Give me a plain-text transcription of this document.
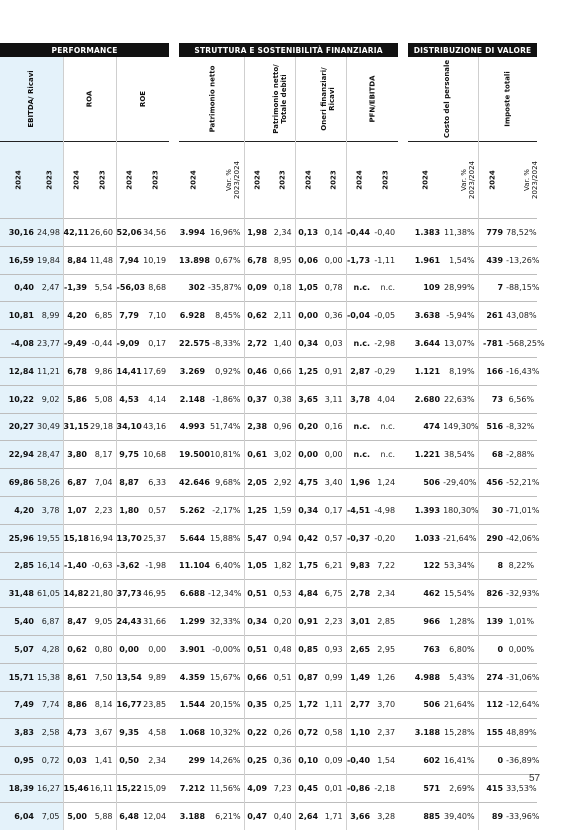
PERFORMANCE							STRUTTURA E SOSTENIBILITÀ FINANZIARIA									DISTRIBUZIONE DI VALORE			
EBITDA/ Ricavi		ROA		ROE			Patrimonio netto		Patrimonio netto/ Totale debiti		Oneri finanziari/ Ricavi		PFN/EBITDA			Costo del personale		Imposte totali	
2024	2023	2024	2023	2024	2023		2024	Var. % 2023/2024	2024	2023	2024	2023	2024	2023		2024	Var. % 2023/2024	2024	Var. % 2023/2024
30,16	24,98	42,11	26,60	52,06	34,56		3.994	16,96%	1,98	2,34	0,13	0,14	-0,44	-0,40		1.383	11,38%	779	78,52%
16,59	19,84	8,84	11,48	7,94	10,19		13.898	0,67%	6,78	8,95	0,06	0,00	-1,73	-1,11		1.961	1,54%	439	-13,26%
0,40	2,47	-1,39	5,54	-56,03	8,68		302	-35,87%	0,09	0,18	1,05	0,78	n.c.	n.c.		109	28,99%	7	-88,15%
10,81	8,99	4,20	6,85	7,79	7,10		6.928	8,45%	0,62	2,11	0,00	0,36	-0,04	-0,05		3.638	-5,94%	261	43,08%
-4,08	23,77	-9,49	-0,44	-9,09	0,17		22.575	-8,33%	2,72	1,40	0,34	0,03	n.c.	-2,98		3.644	13,07%	-781	-568,25%
12,84	11,21	6,78	9,86	14,41	17,69		3.269	0,92%	0,46	0,66	1,25	0,91	2,87	-0,29		1.121	8,19%	166	-16,43%
10,22	9,02	5,86	5,08	4,53	4,14		2.148	-1,86%	0,37	0,38	3,65	3,11	3,78	4,04		2.680	22,63%	73	6,56%
20,27	30,49	31,15	29,18	34,10	43,16		4.993	51,74%	2,38	0,96	0,20	0,16	n.c.	n.c.		474	149,30%	516	-8,32%
22,94	28,47	3,80	8,17	9,75	10,68		19.500	10,81%	0,61	3,02	0,00	0,00	n.c.	n.c.		1.221	38,54%	68	-2,88%
69,86	58,26	6,87	7,04	8,87	6,33		42.646	9,68%	2,05	2,92	4,75	3,40	1,96	1,24		506	-29,40%	456	-52,21%
4,20	3,78	1,07	2,23	1,80	0,57		5.262	-2,17%	1,25	1,59	0,34	0,17	-4,51	-4,98		1.393	180,30%	30	-71,01%
25,96	19,55	15,18	16,94	13,70	25,37		5.644	15,88%	5,47	0,94	0,42	0,57	-0,37	-0,20		1.033	-21,64%	290	-42,06%
2,85	16,14	-1,40	-0,63	-3,62	-1,98		11.104	6,40%	1,05	1,82	1,75	6,21	9,83	7,22		122	53,34%	8	8,22%
31,48	61,05	14,82	21,80	37,73	46,95		6.688	-12,34%	0,51	0,53	4,84	6,75	2,78	2,34		462	15,54%	826	-32,93%
5,40	6,87	8,47	9,05	24,43	31,66		1.299	32,33%	0,34	0,20	0,91	2,23	3,01	2,85		966	1,28%	139	1,01%
5,07	4,28	0,62	0,80	0,00	0,00		3.901	-0,00%	0,51	0,48	0,85	0,93	2,65	2,95		763	6,80%	0	0,00%
15,71	15,38	8,61	7,50	13,54	9,89		4.359	15,67%	0,66	0,51	0,87	0,99	1,49	1,26		4.988	5,43%	274	-31,06%
7,49	7,74	8,86	8,14	16,77	23,85		1.544	20,15%	0,35	0,25	1,72	1,11	2,77	3,70		506	21,64%	112	-12,64%
3,83	2,58	4,73	3,67	9,35	4,58		1.068	10,32%	0,22	0,26	0,72	0,58	1,10	2,37		3.188	15,28%	155	48,89%
0,95	0,72	0,03	1,41	0,50	2,34		299	14,26%	0,25	0,36	0,10	0,09	-0,40	1,54		602	16,41%	0	-36,89%
18,39	16,27	15,46	16,11	15,22	15,09		7.212	11,56%	4,09	7,23	0,45	0,01	-0,86	-2,18		571	2,69%	415	33,53%
6,04	7,05	5,00	5,88	6,48	12,04		3.188	6,21%	0,47	0,40	2,64	1,71	3,66	3,28		885	39,40%	89	-33,96%
57
